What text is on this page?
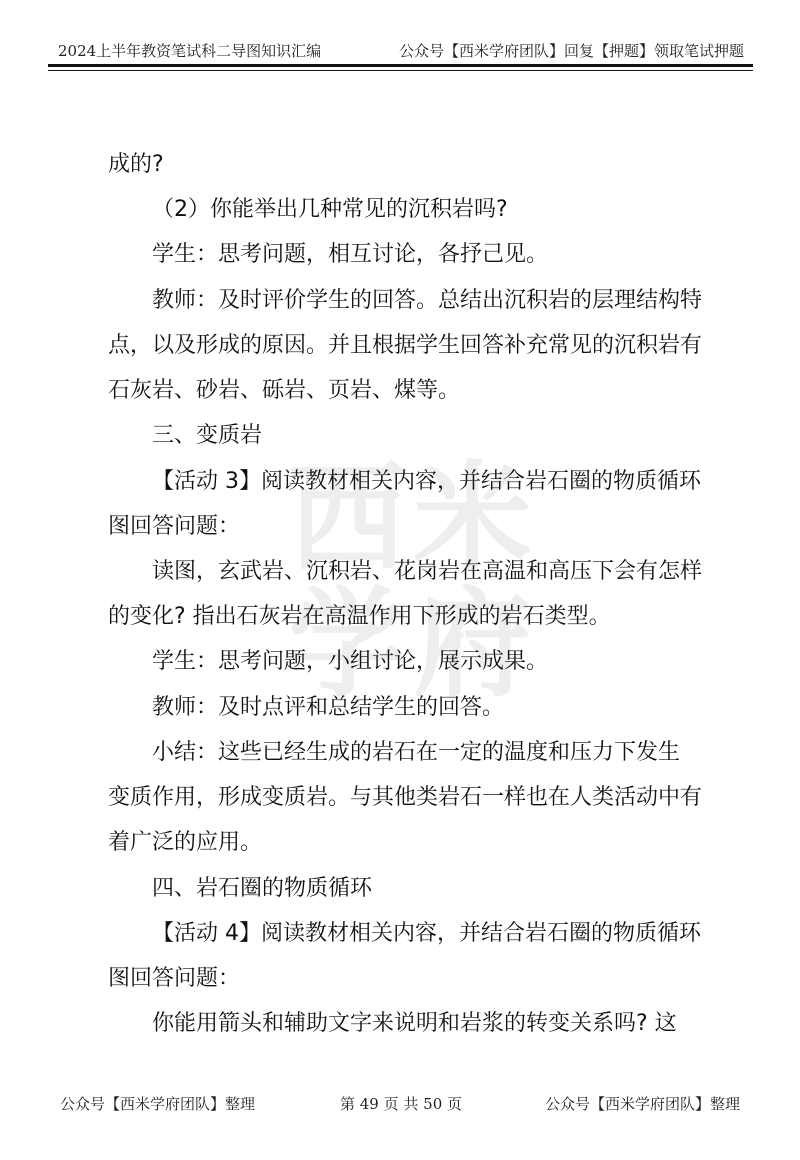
2024上半年教资笔试科二导图知识汇编	公众号【西米学府团队】回复【押题】领取笔试押题
西 米
学 府
成的?
（2）你能举出几种常见的沉积岩吗?
学生：思考问题，相互讨论，各抒己见。
教师：及时评价学生的回答。总结出沉积岩的层理结构特
点，以及形成的原因。并且根据学生回答补充常见的沉积岩有
石灰岩、砂岩、砾岩、页岩、煤等。
三、变质岩
【活动 3】阅读教材相关内容，并结合岩石圈的物质循环
图回答问题：
读图，玄武岩、沉积岩、花岗岩在高温和高压下会有怎样
的变化? 指出石灰岩在高温作用下形成的岩石类型。
学生：思考问题，小组讨论，展示成果。
教师：及时点评和总结学生的回答。
小结：这些已经生成的岩石在一定的温度和压力下发生
变质作用，形成变质岩。与其他类岩石一样也在人类活动中有
着广泛的应用。
四、岩石圈的物质循环
【活动 4】阅读教材相关内容，并结合岩石圈的物质循环
图回答问题：
你能用箭头和辅助文字来说明和岩浆的转变关系吗? 这
公众号【西米学府团队】整理	第 49 页 共 50 页	公众号【西米学府团队】整理
